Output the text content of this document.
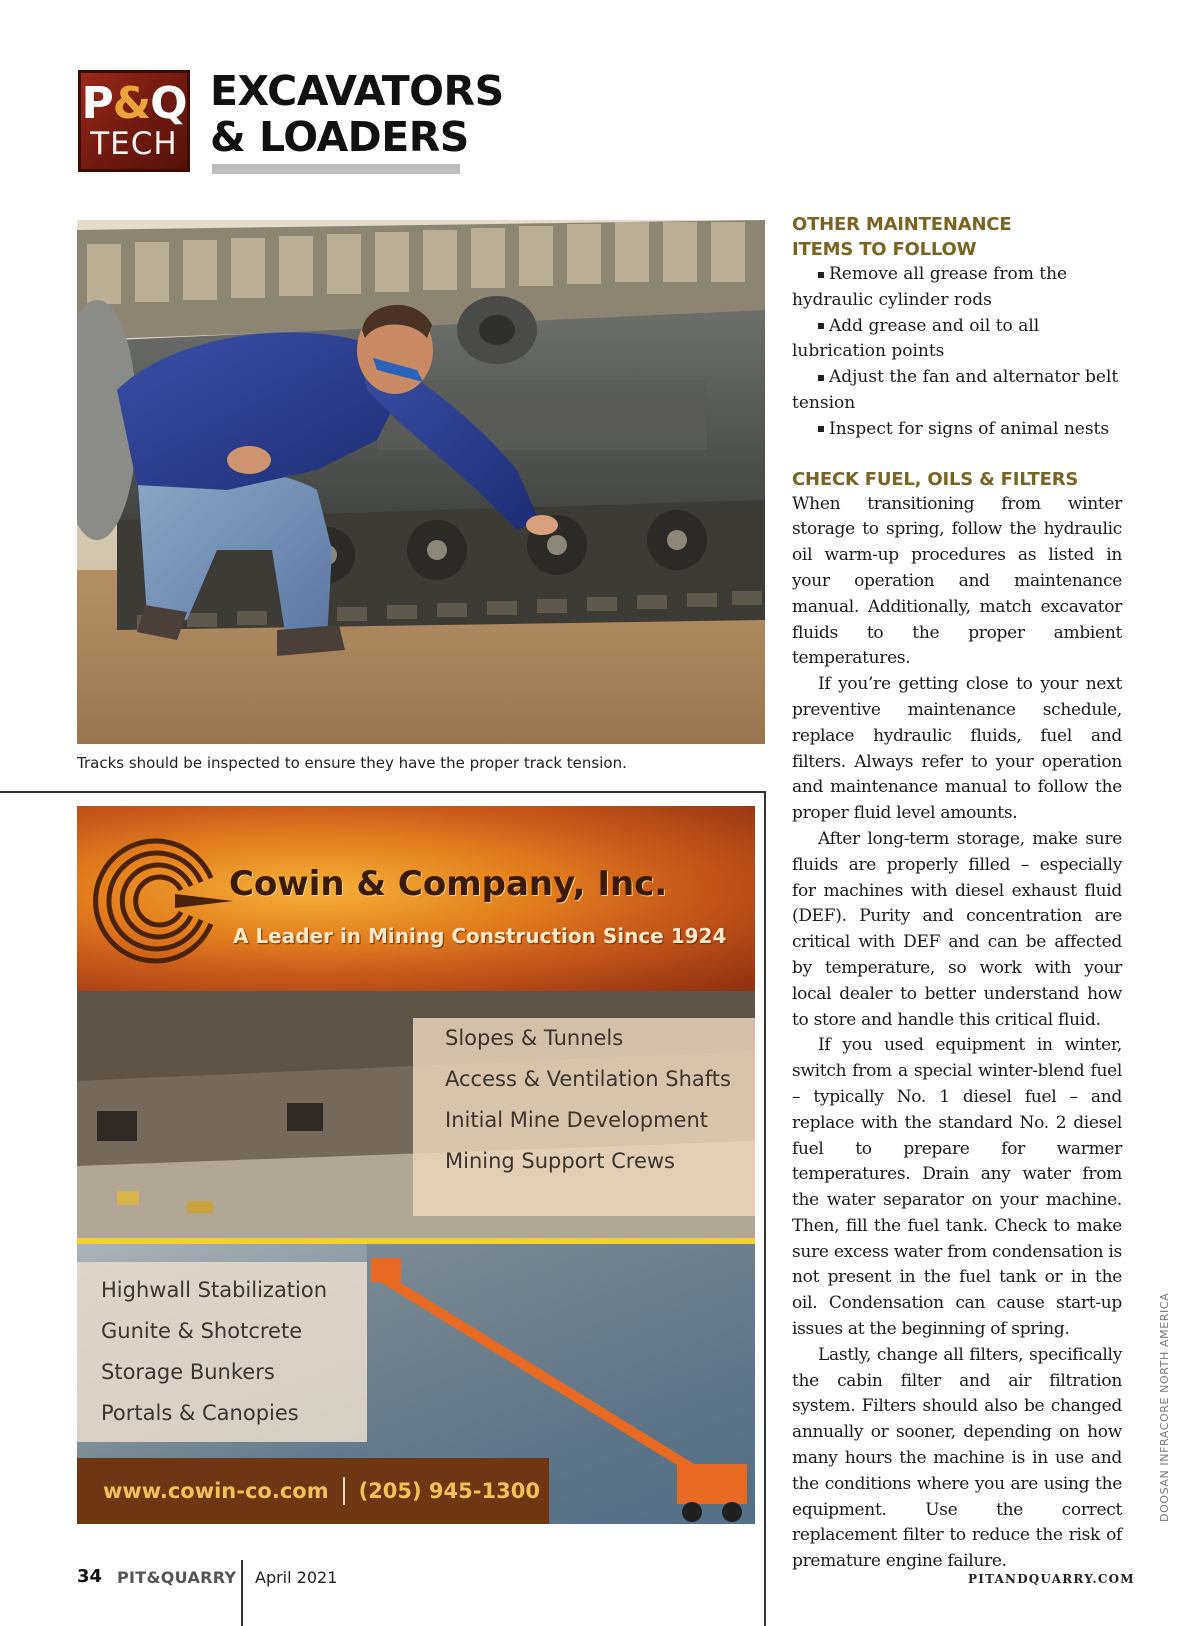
P&Q
TECH
EXCAVATORS
& LOADERS
Tracks should be inspected to ensure they have the proper track tension.
Cowin & Company, Inc.
A Leader in Mining Construction Since 1924
Slopes & Tunnels
Access & Ventilation Shafts
Initial Mine Development
Mining Support Crews
Highwall Stabilization
Gunite & Shotcrete
Storage Bunkers
Portals & Canopies
www.cowin-co.com (205) 945-1300
OTHER MAINTENANCE
ITEMS TO FOLLOW

Remove all grease from the hydraulic cylinder rods

Add grease and oil to all lubrication points

Adjust the fan and alternator belt tension

Inspect for signs of animal nests

CHECK FUEL, OILS & FILTERS

When transitioning from winter storage to spring, follow the hydraulic oil warm-up procedures as listed in your operation and maintenance manual. Additionally, match excavator fluids to the proper ambient temperatures.

If you’re getting close to your next preventive maintenance schedule, replace hydraulic fluids, fuel and filters. Always refer to your operation and maintenance manual to follow the proper fluid level amounts.

After long-term storage, make sure fluids are properly filled – especially for machines with diesel exhaust fluid (DEF). Purity and concentration are critical with DEF and can be affected by temperature, so work with your local dealer to better understand how to store and handle this critical fluid.

If you used equipment in winter, switch from a special winter-blend fuel – typically No. 1 diesel fuel – and replace with the standard No. 2 diesel fuel to prepare for warmer temperatures. Drain any water from the water separator on your machine. Then, fill the fuel tank. Check to make sure excess water from condensation is not present in the fuel tank or in the oil. Condensation can cause start-up issues at the beginning of spring.

Lastly, change all filters, specifically the cabin filter and air filtration system. Filters should also be changed annually or sooner, depending on how many hours the machine is in use and the conditions where you are using the equipment. Use the correct replacement filter to reduce the risk of premature engine failure.

DOOSAN INFRACORE NORTH AMERICA
34 PIT&QUARRY April 2021	PITANDQUARRY.COM
